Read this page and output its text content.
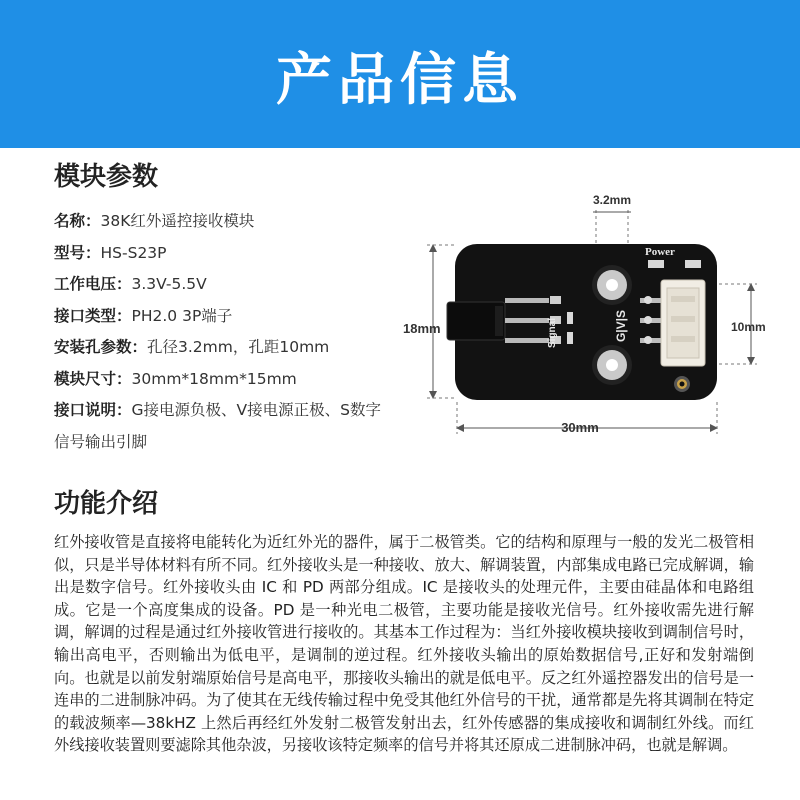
产品信息
模块参数
名称：38K红外遥控接收模块
型号：HS-S23P
工作电压：3.3V-5.5V
接口类型：PH2.0 3P端子
安装孔参数：孔径3.2mm，孔距10mm
模块尺寸：30mm*18mm*15mm
接口说明：G接电源负极、V接电源正极、S数字信号输出引脚
3.2mm
18mm	10mm
30mm
Signal
Power
G|V|S
功能介绍

红外接收管是直接将电能转化为近红外光的器件，属于二极管类。它的结构和原理与一般的发光二极管相似，只是半导体材料有所不同。红外接收头是一种接收、放大、解调装置，内部集成电路已完成解调，输出是数字信号。红外接收头由 IC 和 PD 两部分组成。IC 是接收头的处理元件，主要由硅晶体和电路组成。它是一个高度集成的设备。PD 是一种光电二极管，主要功能是接收光信号。红外接收需先进行解调，解调的过程是通过红外接收管进行接收的。其基本工作过程为：当红外接收模块接收到调制信号时，输出高电平，否则输出为低电平，是调制的逆过程。红外接收头输出的原始数据信号,正好和发射端倒向。也就是以前发射端原始信号是高电平，那接收头输出的就是低电平。反之红外遥控器发出的信号是一连串的二进制脉冲码。为了使其在无线传输过程中免受其他红外信号的干扰，通常都是先将其调制在特定的载波频率—38kHZ 上然后再经红外发射二极管发射出去，红外传感器的集成接收和调制红外线。而红外线接收装置则要滤除其他杂波，另接收该特定频率的信号并将其还原成二进制脉冲码，也就是解调。
